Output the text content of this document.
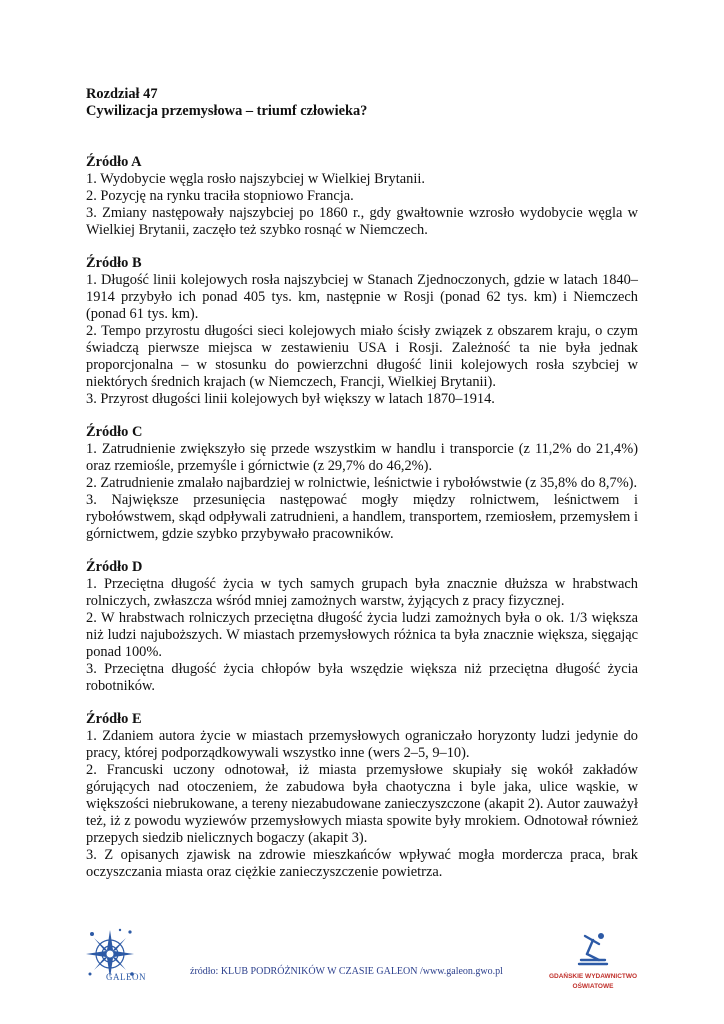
Rozdział 47

Cywilizacja przemysłowa – triumf człowieka?

Źródło A

1. Wydobycie węgla rosło najszybciej w Wielkiej Brytanii.

2. Pozycję na rynku traciła stopniowo Francja.

3. Zmiany następowały najszybciej po 1860 r., gdy gwałtownie wzrosło wydobycie węgla w Wielkiej Brytanii, zaczęło też szybko rosnąć w Niemczech.

Źródło B

1. Długość linii kolejowych rosła najszybciej w Stanach Zjednoczonych, gdzie w latach 1840–1914 przybyło ich ponad 405 tys. km, następnie w Rosji (ponad 62 tys. km) i Niemczech (ponad 61 tys. km).

2. Tempo przyrostu długości sieci kolejowych miało ścisły związek z obszarem kraju, o czym świadczą pierwsze miejsca w zestawieniu USA i Rosji. Zależność ta nie była jednak proporcjonalna – w stosunku do powierzchni długość linii kolejowych rosła szybciej w niektórych średnich krajach (w Niemczech, Francji, Wielkiej Brytanii).

3. Przyrost długości linii kolejowych był większy w latach 1870–1914.

Źródło C

1. Zatrudnienie zwiększyło się przede wszystkim w handlu i transporcie (z 11,2% do 21,4%) oraz rzemiośle, przemyśle i górnictwie (z 29,7% do 46,2%).

2. Zatrudnienie zmalało najbardziej w rolnictwie, leśnictwie i rybołówstwie (z 35,8% do 8,7%).

3. Największe przesunięcia następować mogły między rolnictwem, leśnictwem i rybołówstwem, skąd odpływali zatrudnieni, a handlem, transportem, rzemiosłem, przemysłem i górnictwem, gdzie szybko przybywało pracowników.

Źródło D

1. Przeciętna długość życia w tych samych grupach była znacznie dłuższa w hrabstwach rolniczych, zwłaszcza wśród mniej zamożnych warstw, żyjących z pracy fizycznej.

2. W hrabstwach rolniczych przeciętna długość życia ludzi zamożnych była o ok. 1/3 większa niż ludzi najuboższych. W miastach przemysłowych różnica ta była znacznie większa, sięgając ponad 100%.

3. Przeciętna długość życia chłopów była wszędzie większa niż przeciętna długość życia robotników.

Źródło E

1. Zdaniem autora życie w miastach przemysłowych ograniczało horyzonty ludzi jedynie do pracy, której podporządkowywali wszystko inne (wers 2–5, 9–10).

2. Francuski uczony odnotował, iż miasta przemysłowe skupiały się wokół zakładów górujących nad otoczeniem, że zabudowa była chaotyczna i byle jaka, ulice wąskie, w większości niebrukowane, a tereny niezabudowane zanieczyszczone (akapit 2). Autor zauważył też, iż z powodu wyziewów przemysłowych miasta spowite były mrokiem. Odnotował również przepych siedzib nielicznych bogaczy (akapit 3).

3. Z opisanych zjawisk na zdrowie mieszkańców wpływać mogła mordercza praca, brak oczyszczania miasta oraz ciężkie zanieczyszczenie powietrza.

GALEON	źródło: KLUB PODRÓŻNIKÓW W CZASIE GALEON /www.galeon.gwo.pl	GDAŃSKIE WYDAWNICTWO
OŚWIATOWE
